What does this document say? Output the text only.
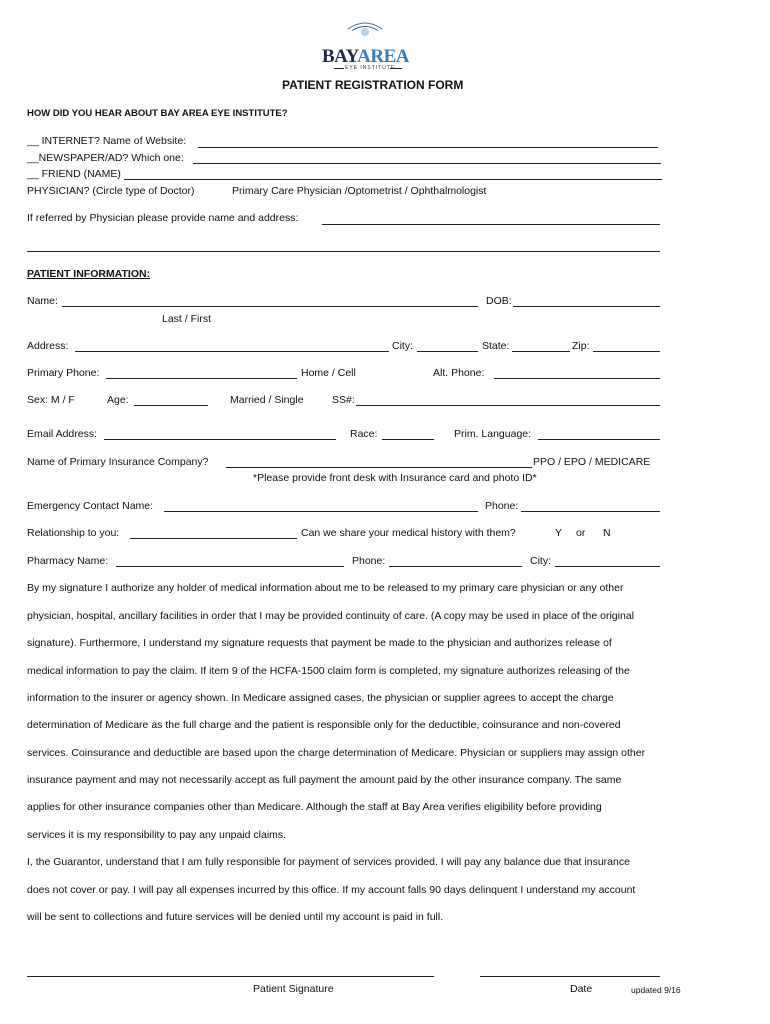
BAYAREA
EYE INSTITUTE
PATIENT REGISTRATION FORM
HOW DID YOU HEAR ABOUT BAY AREA EYE INSTITUTE?
__ INTERNET? Name of Website:
__NEWSPAPER/AD? Which one:
__ FRIEND (NAME)
PHYSICIAN? (Circle type of Doctor)	Primary Care Physician /Optometrist / Ophthalmologist
If referred by Physician please provide name and address:
PATIENT INFORMATION:
Name:	DOB:
Last / First
Address:	City:	State:	Zip:
Primary Phone:	Home / Cell	Alt. Phone:
Sex: M / F	Age:	Married / Single	SS#:
Email Address:	Race:	Prim. Language:
Name of Primary Insurance Company?	PPO / EPO / MEDICARE
*Please provide front desk with Insurance card and photo ID*
Emergency Contact Name:	Phone:
Relationship to you:	Can we share your medical history with them?	Y or N
Pharmacy Name:	Phone:	City:
By my signature I authorize any holder of medical information about me to be released to my primary care physician or any other
physician, hospital, ancillary facilities in order that I may be provided continuity of care. (A copy may be used in place of the original
signature). Furthermore, I understand my signature requests that payment be made to the physician and authorizes release of
medical information to pay the claim. If item 9 of the HCFA-1500 claim form is completed, my signature authorizes releasing of the
information to the insurer or agency shown. In Medicare assigned cases, the physician or supplier agrees to accept the charge
determination of Medicare as the full charge and the patient is responsible only for the deductible, coinsurance and non-covered
services. Coinsurance and deductible are based upon the charge determination of Medicare. Physician or suppliers may assign other
insurance payment and may not necessarily accept as full payment the amount paid by the other insurance company. The same
applies for other insurance companies other than Medicare. Although the staff at Bay Area verifies eligibility before providing
services it is my responsibility to pay any unpaid claims.
I, the Guarantor, understand that I am fully responsible for payment of services provided. I will pay any balance due that insurance
does not cover or pay. I will pay all expenses incurred by this office. If my account falls 90 days delinquent I understand my account
will be sent to collections and future services will be denied until my account is paid in full.
Patient Signature	Date	updated 9/16
